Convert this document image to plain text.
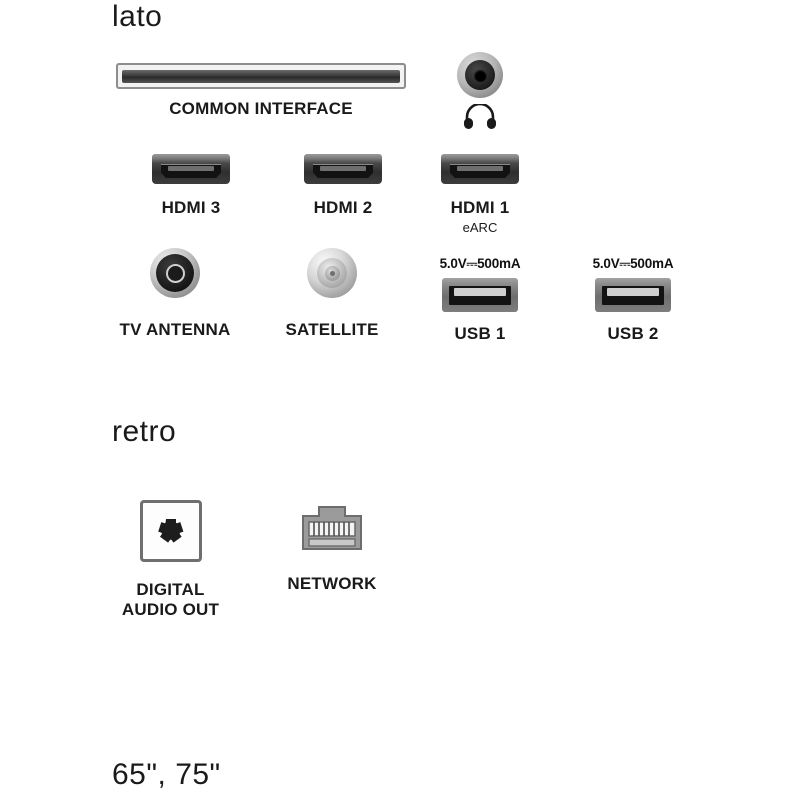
lato
COMMON INTERFACE
HDMI 3	HDMI 2	HDMI 1
eARC
TV ANTENNA	SATELLITE
5.0V⎓500mA
USB 1
5.0V⎓500mA
USB 2
retro
DIGITAL
AUDIO OUT
NETWORK
65", 75"
